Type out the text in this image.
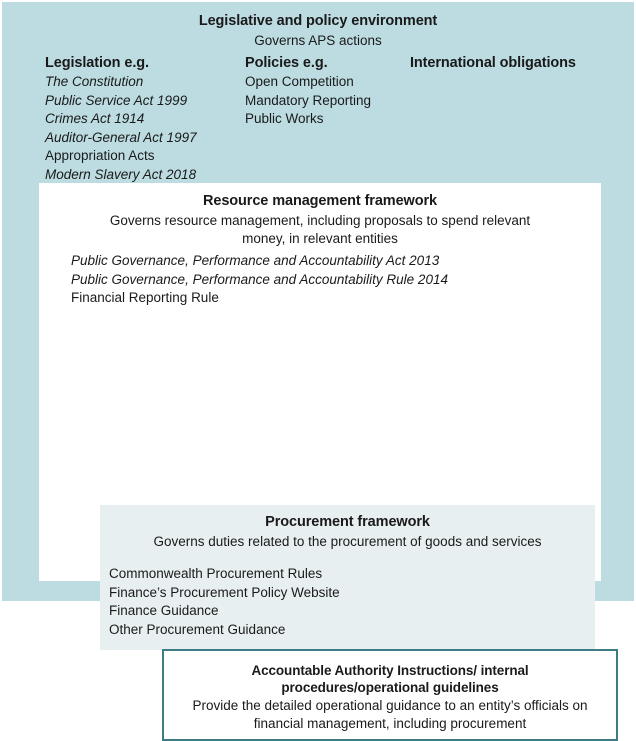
Legislative and policy environment
Governs APS actions
Legislation e.g.
The Constitution
Public Service Act 1999
Crimes Act 1914
Auditor-General Act 1997
Appropriation Acts
Modern Slavery Act 2018
Policies e.g.
Open Competition
Mandatory Reporting
Public Works
International obligations
Resource management framework
Governs resource management, including proposals to spend relevant money, in relevant entities
Public Governance, Performance and Accountability Act 2013
Public Governance, Performance and Accountability Rule 2014
Financial Reporting Rule
Procurement framework
Governs duties related to the procurement of goods and services
Commonwealth Procurement Rules
Finance’s Procurement Policy Website
Finance Guidance
Other Procurement Guidance
Accountable Authority Instructions/ internal procedures/operational guidelines
Provide the detailed operational guidance to an entity’s officials on financial management, including procurement
